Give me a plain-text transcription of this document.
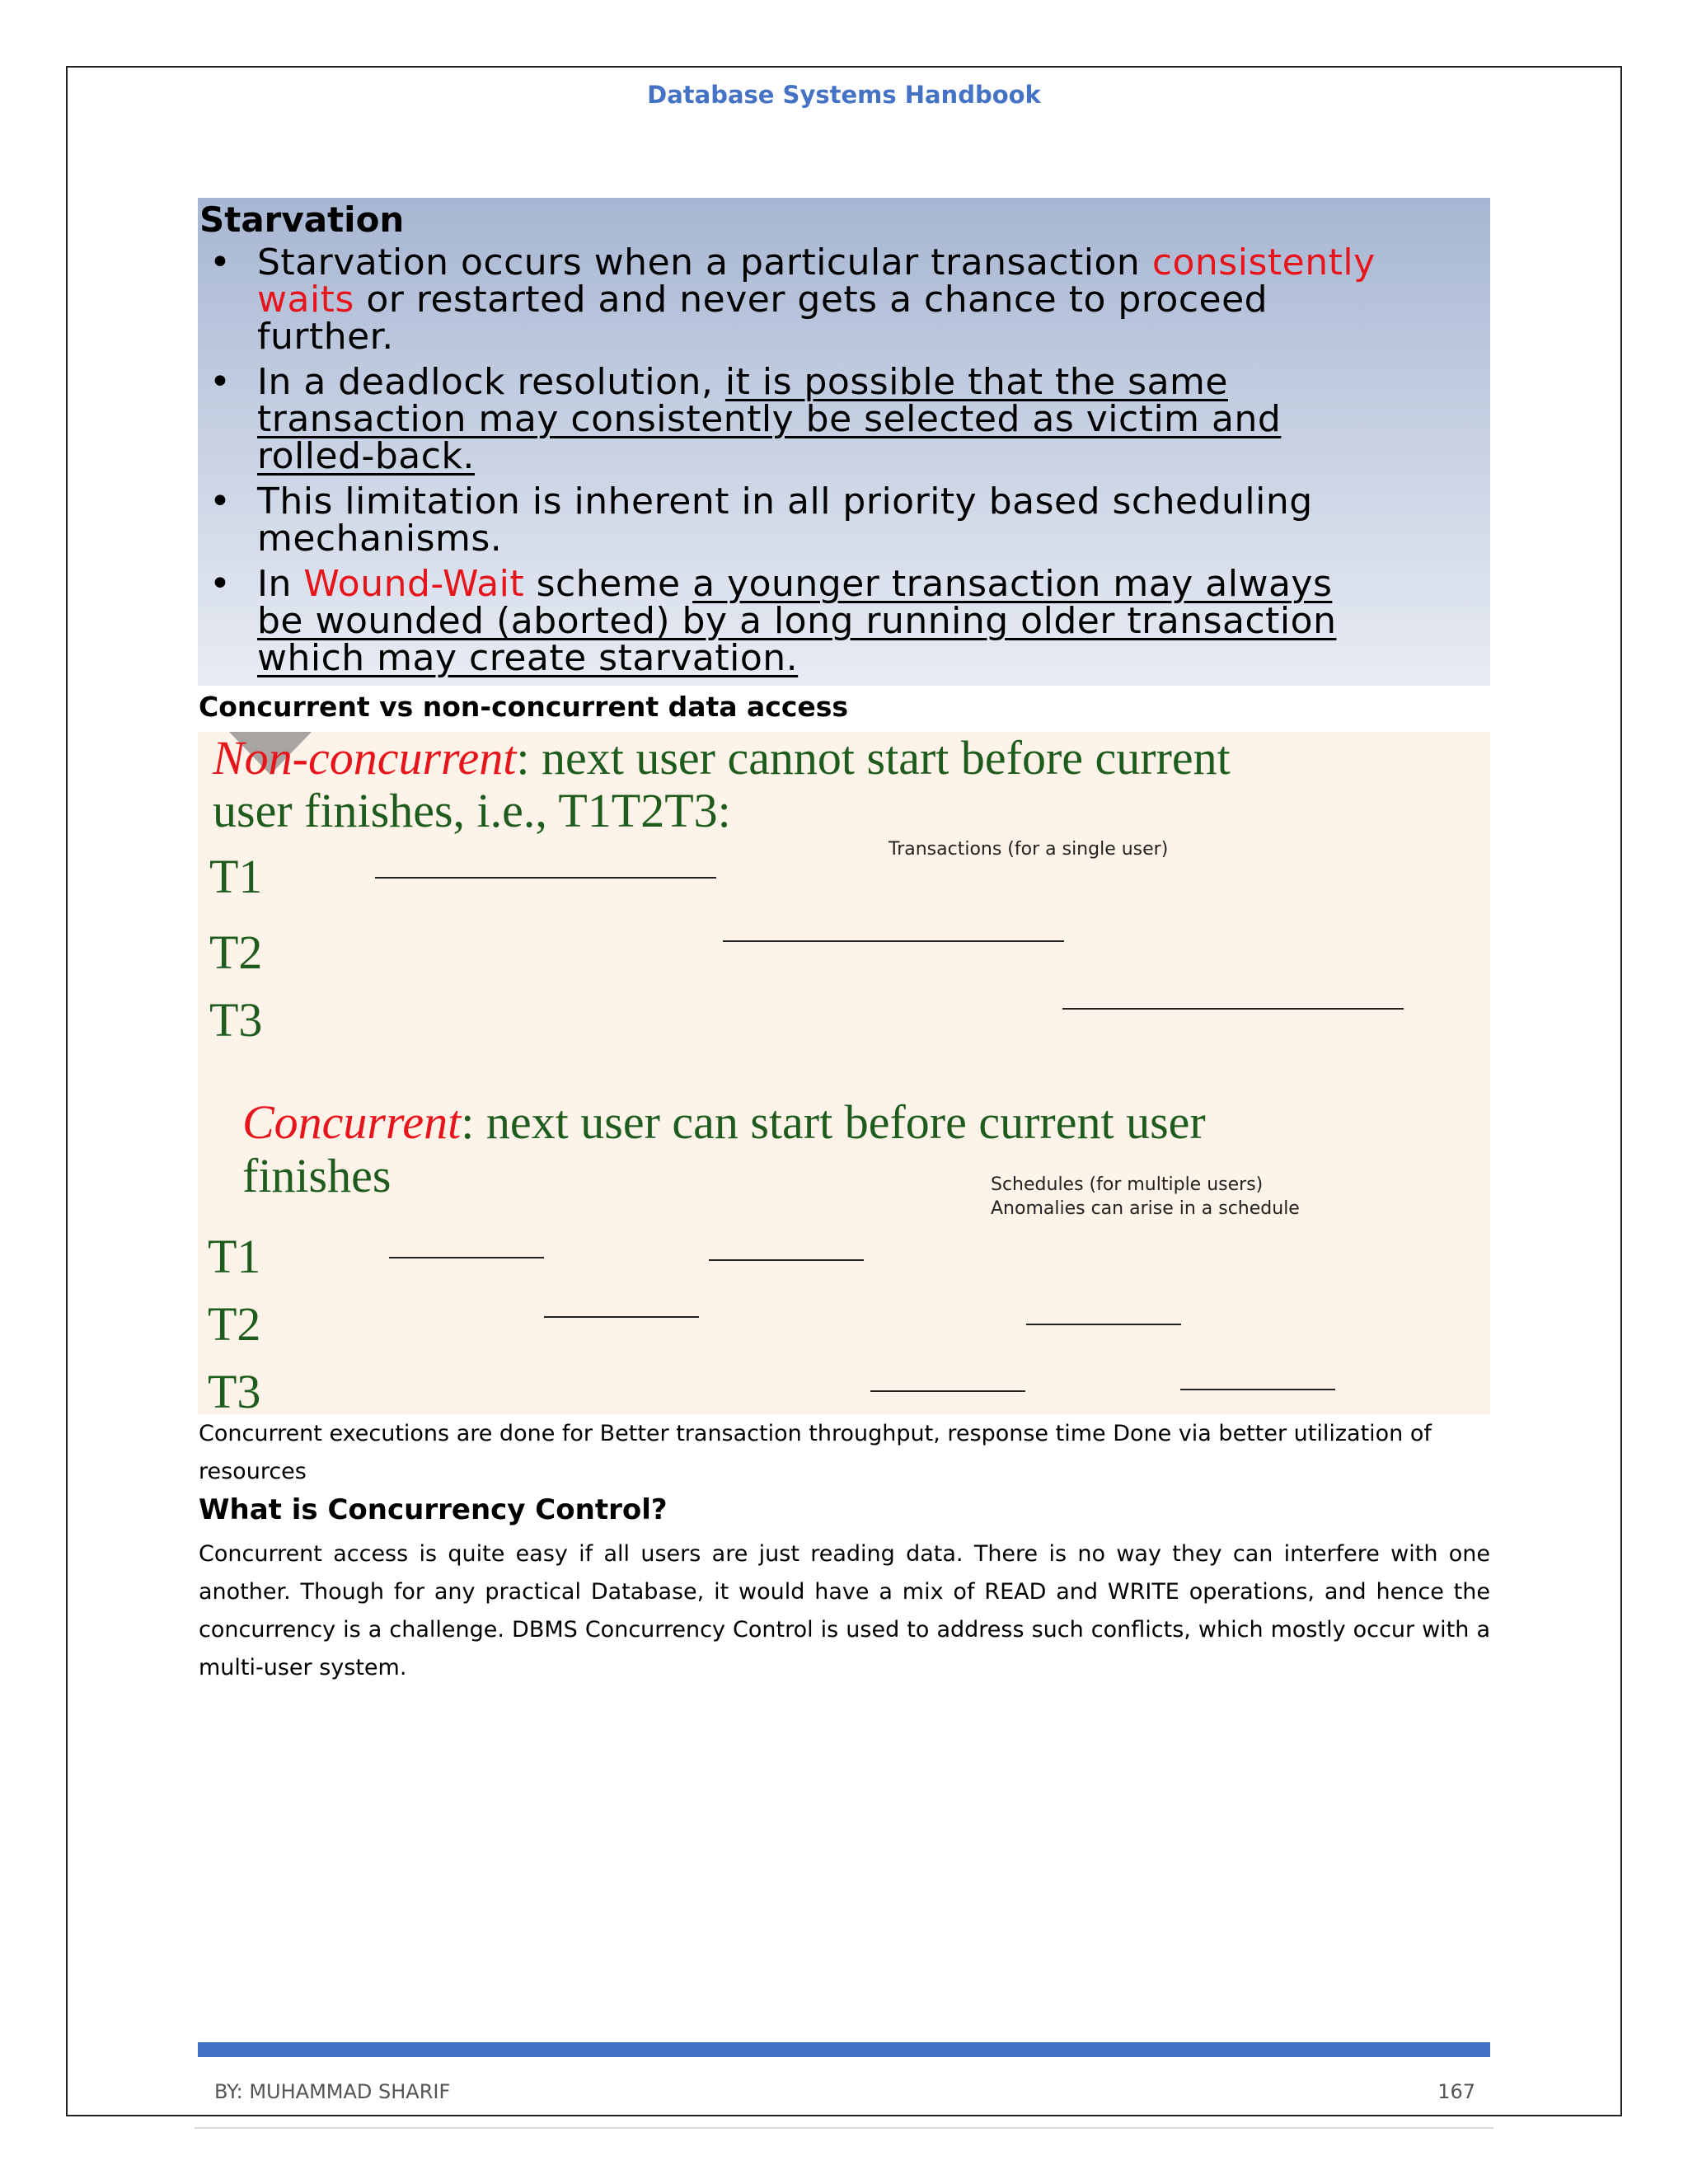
Database Systems Handbook
Starvation
• Starvation occurs when a particular transaction consistently
waits or restarted and never gets a chance to proceed
further.
• In a deadlock resolution, it is possible that the same
transaction may consistently be selected as victim and
rolled-back.
• This limitation is inherent in all priority based scheduling
mechanisms.
• In Wound-Wait scheme a younger transaction may always
be wounded (aborted) by a long running older transaction
which may create starvation.
Concurrent vs non-concurrent data access
Non-concurrent: next user cannot start before current
user finishes, i.e., T1T2T3:
Transactions (for a single user)
T1
T2
T3
Concurrent: next user can start before current user
finishes	Schedules (for multiple users)
Anomalies can arise in a schedule
T1
T2
T3
Concurrent executions are done for Better transaction throughput, response time Done via better utilization of resources
What is Concurrency Control?
Concurrent access is quite easy if all users are just reading data. There is no way they can interfere with one another. Though for any practical Database, it would have a mix of READ and WRITE operations, and hence the concurrency is a challenge. DBMS Concurrency Control is used to address such conflicts, which mostly occur with a multi-user system.
BY: MUHAMMAD SHARIF	167
